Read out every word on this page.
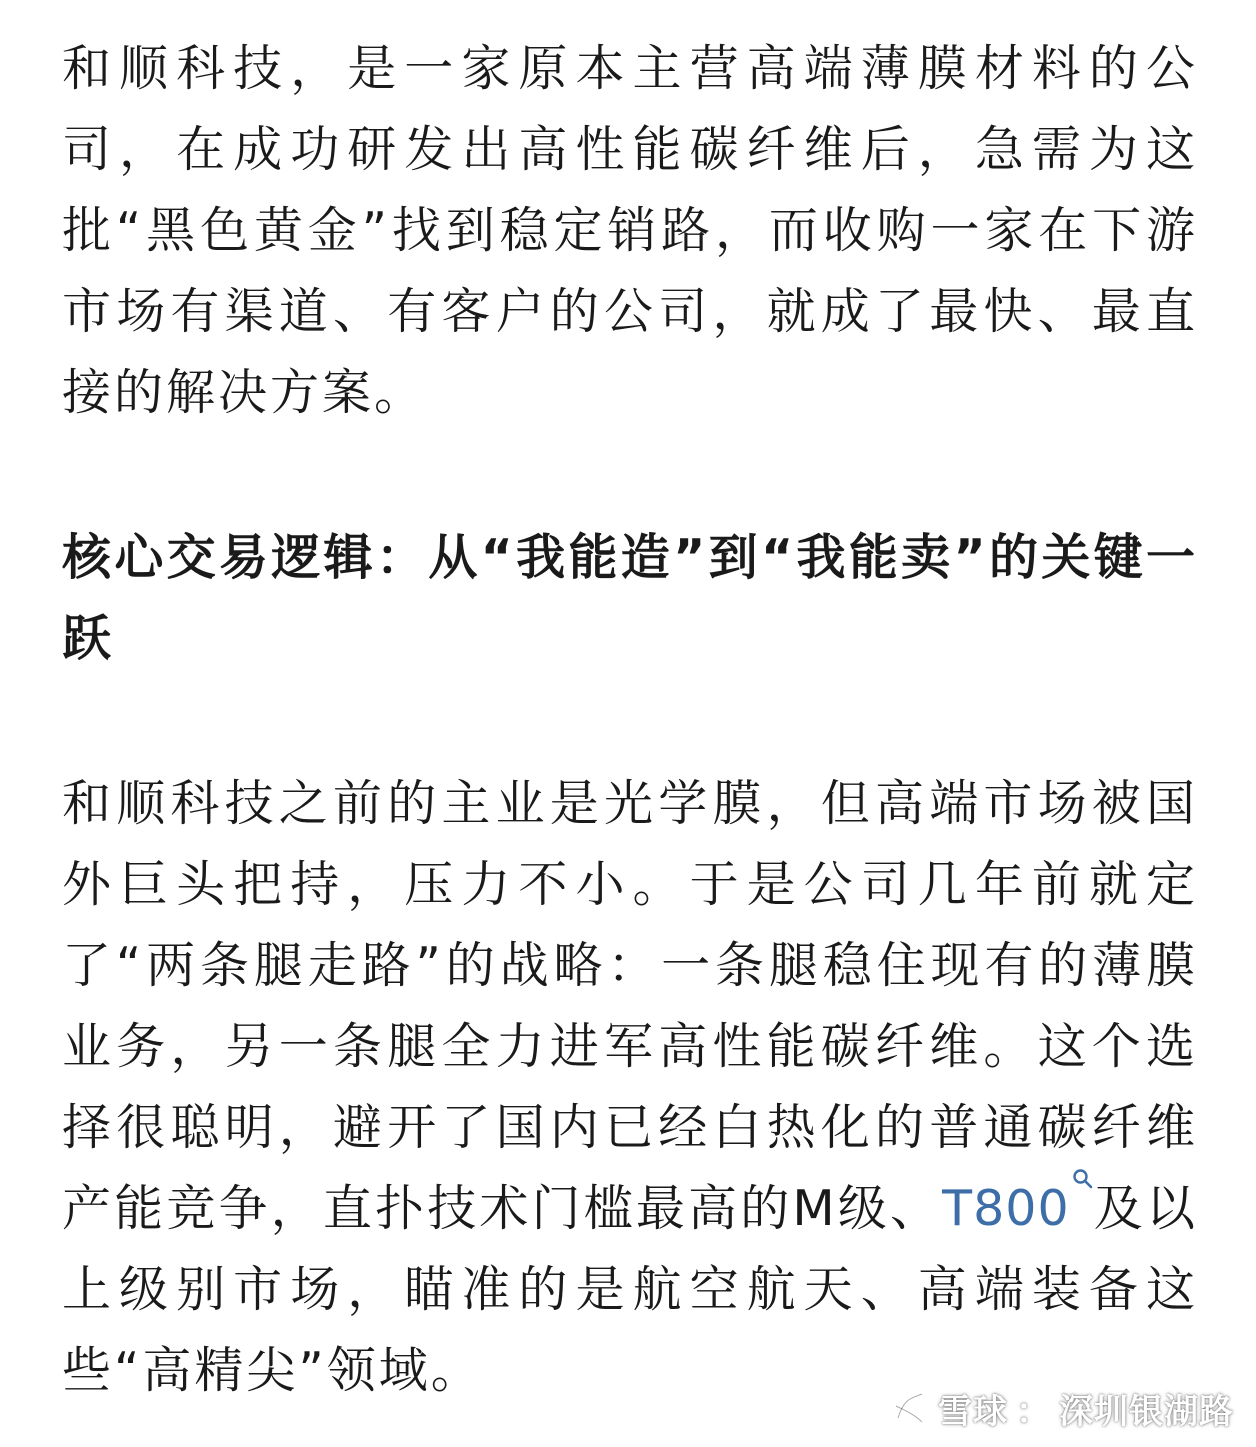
和顺科技，是一家原本主营高端薄膜材料的公司，在成功研发出高性能碳纤维后，急需为这批“黑色黄金”找到稳定销路，而收购一家在下游市场有渠道、有客户的公司，就成了最快、最直接的解决方案。

核心交易逻辑：从“我能造”到“我能卖”的关键一跃

和顺科技之前的主业是光学膜，但高端市场被国外巨头把持，压力不小。于是公司几年前就定了“两条腿走路”的战略：一条腿稳住现有的薄膜业务，另一条腿全力进军高性能碳纤维。这个选择很聪明，避开了国内已经白热化的普通碳纤维产能竞争，直扑技术门槛最高的M级、T800 及以上级别市场，瞄准的是航空航天、高端装备这些“高精尖”领域。

雪球 ： 深圳银湖路
